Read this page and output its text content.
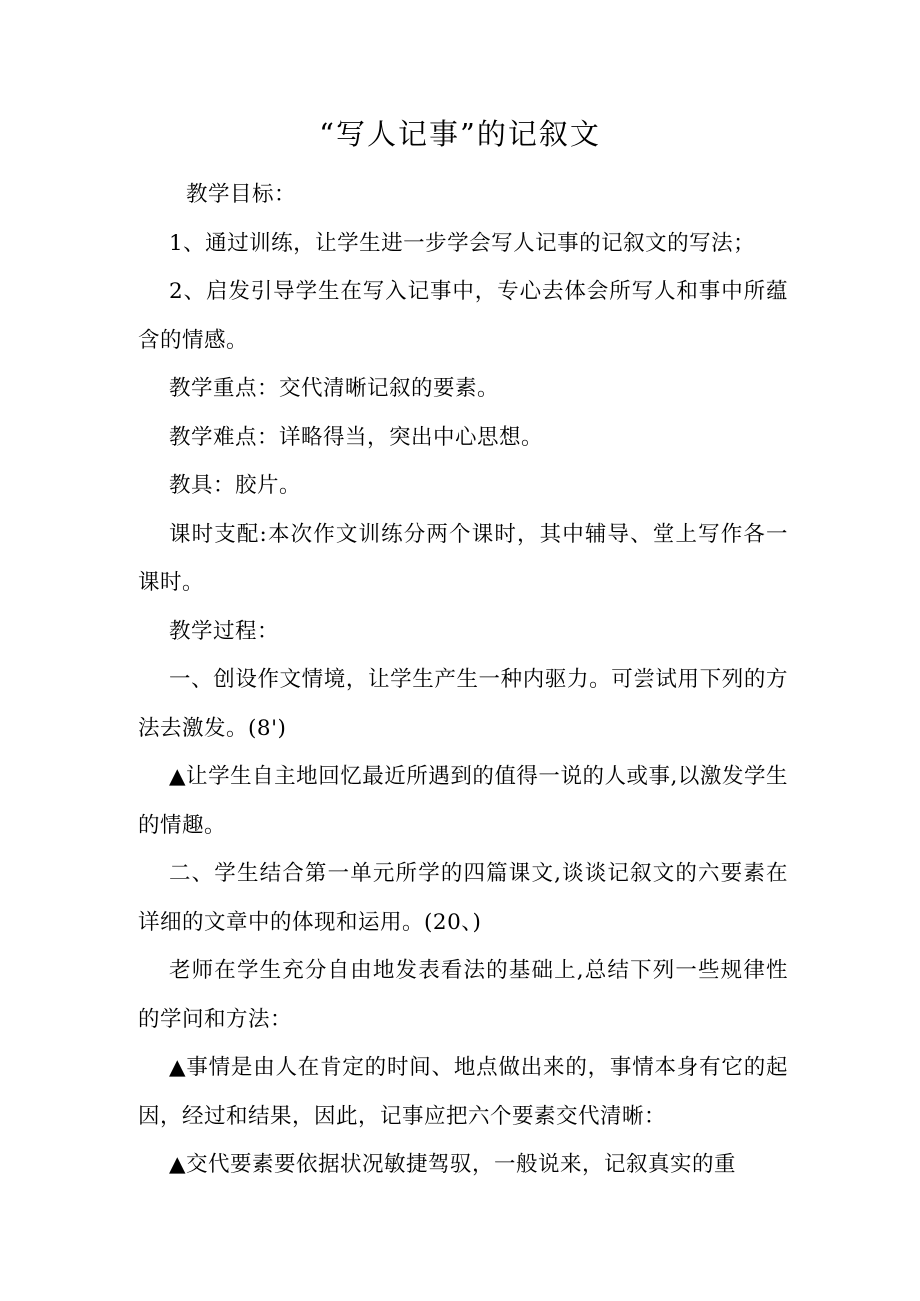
“写人记事”的记叙文

教学目标：

1、通过训练，让学生进一步学会写人记事的记叙文的写法；

2、启发引导学生在写入记事中，专心去体会所写人和事中所蕴含的情感。

教学重点：交代清晰记叙的要素。

教学难点：详略得当，突出中心思想。

教具：胶片。

课时支配:本次作文训练分两个课时，其中辅导、堂上写作各一课时。

教学过程：

一、创设作文情境，让学生产生一种内驱力。可尝试用下列的方法去激发。(8')

▲让学生自主地回忆最近所遇到的值得一说的人或事,以激发学生的情趣。

二、学生结合第一单元所学的四篇课文,谈谈记叙文的六要素在详细的文章中的体现和运用。(20、)

老师在学生充分自由地发表看法的基础上,总结下列一些规律性的学问和方法：

▲事情是由人在肯定的时间、地点做出来的，事情本身有它的起因，经过和结果，因此，记事应把六个要素交代清晰：

▲交代要素要依据状况敏捷驾驭，一般说来，记叙真实的重
